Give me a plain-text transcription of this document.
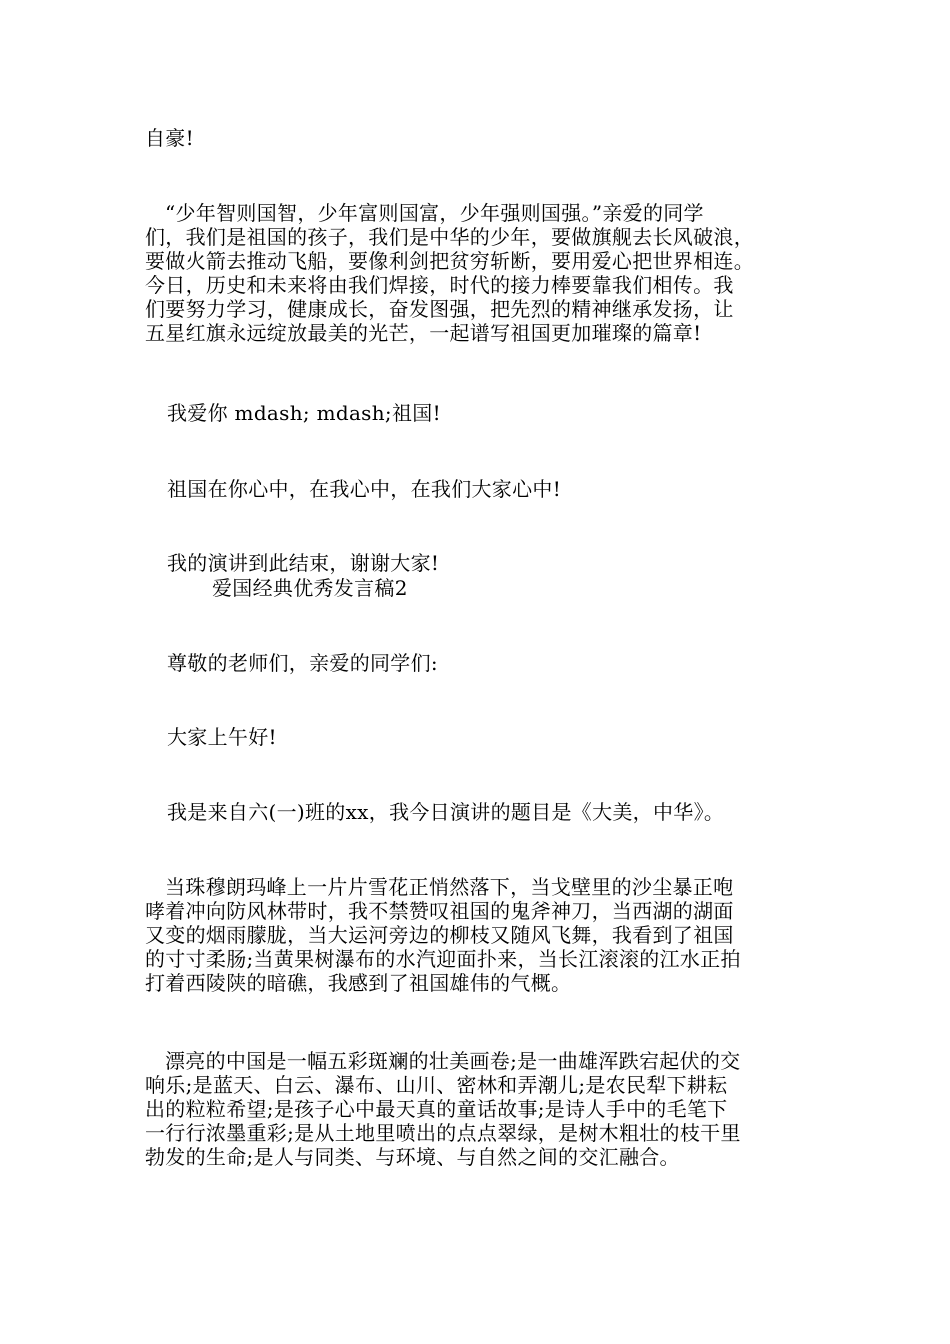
自豪!
“少年智则国智，少年富则国富，少年强则国强。”亲爱的同学
们，我们是祖国的孩子，我们是中华的少年，要做旗舰去长风破浪，
要做火箭去推动飞船，要像利剑把贫穷斩断，要用爱心把世界相连。
今日，历史和未来将由我们焊接，时代的接力棒要靠我们相传。我
们要努力学习，健康成长，奋发图强，把先烈的精神继承发扬，让
五星红旗永远绽放最美的光芒，一起谱写祖国更加璀璨的篇章!
我爱你 mdash; mdash;祖国!
祖国在你心中，在我心中，在我们大家心中!
我的演讲到此结束，谢谢大家!
爱国经典优秀发言稿2
尊敬的老师们，亲爱的同学们:
大家上午好!
我是来自六(一)班的xx，我今日演讲的题目是《大美，中华》。
当珠穆朗玛峰上一片片雪花正悄然落下，当戈壁里的沙尘暴正咆
哮着冲向防风林带时，我不禁赞叹祖国的鬼斧神刀，当西湖的湖面
又变的烟雨朦胧，当大运河旁边的柳枝又随风飞舞，我看到了祖国
的寸寸柔肠;当黄果树瀑布的水汽迎面扑来，当长江滚滚的江水正拍
打着西陵陕的暗礁，我感到了祖国雄伟的气概。
漂亮的中国是一幅五彩斑斓的壮美画卷;是一曲雄浑跌宕起伏的交
响乐;是蓝天、白云、瀑布、山川、密林和弄潮儿;是农民犁下耕耘
出的粒粒希望;是孩子心中最天真的童话故事;是诗人手中的毛笔下
一行行浓墨重彩;是从土地里喷出的点点翠绿，是树木粗壮的枝干里
勃发的生命;是人与同类、与环境、与自然之间的交汇融合。
